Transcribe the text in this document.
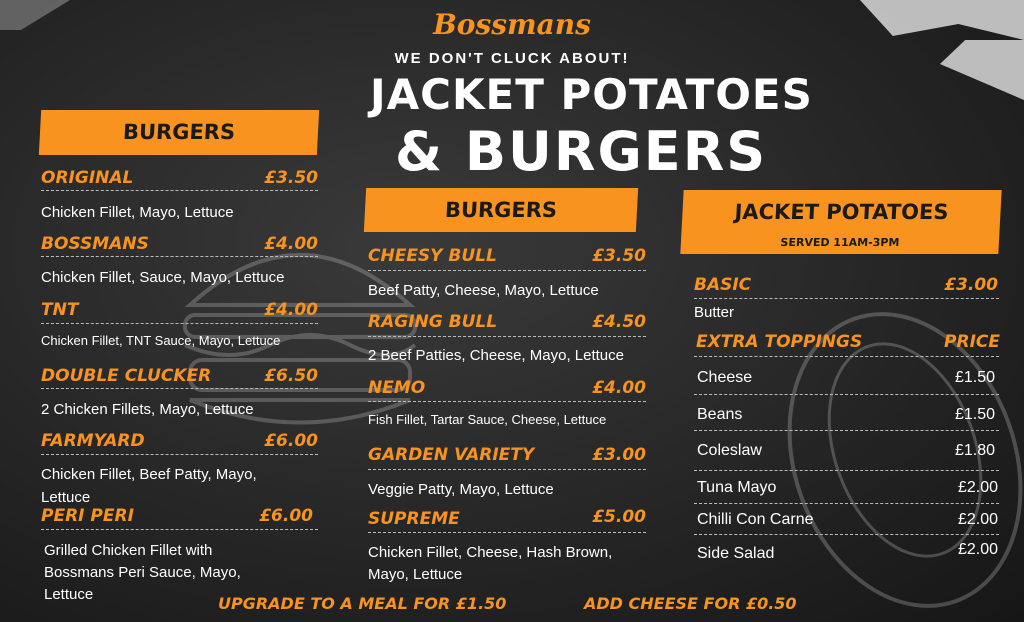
Bossmans
WE DON'T CLUCK ABOUT!
JACKET POTATOES
& BURGERS
BURGERS
ORIGINAL	£3.50
Chicken Fillet, Mayo, Lettuce
BOSSMANS	£4.00
Chicken Fillet, Sauce, Mayo, Lettuce
TNT	£4.00
Chicken Fillet, TNT Sauce, Mayo, Lettuce
DOUBLE CLUCKER	£6.50
2 Chicken Fillets, Mayo, Lettuce
FARMYARD	£6.00
Chicken Fillet, Beef Patty, Mayo,
Lettuce
PERI PERI	£6.00
Grilled Chicken Fillet with
Bossmans Peri Sauce, Mayo,
Lettuce
BURGERS
CHEESY BULL	£3.50
Beef Patty, Cheese, Mayo, Lettuce
RAGING BULL	£4.50
2 Beef Patties, Cheese, Mayo, Lettuce
NEMO	£4.00
Fish Fillet, Tartar Sauce, Cheese, Lettuce
GARDEN VARIETY	£3.00
Veggie Patty, Mayo, Lettuce
SUPREME	£5.00
Chicken Fillet, Cheese, Hash Brown,
Mayo, Lettuce
JACKET POTATOES
SERVED 11AM-3PM
BASIC	£3.00
Butter
EXTRA TOPPINGS	PRICE
Cheese	£1.50
Beans	£1.50
Coleslaw	£1.80
Tuna Mayo	£2.00
Chilli Con Carne	£2.00
Side Salad	£2.00
UPGRADE TO A MEAL FOR £1.50	ADD CHEESE FOR £0.50
